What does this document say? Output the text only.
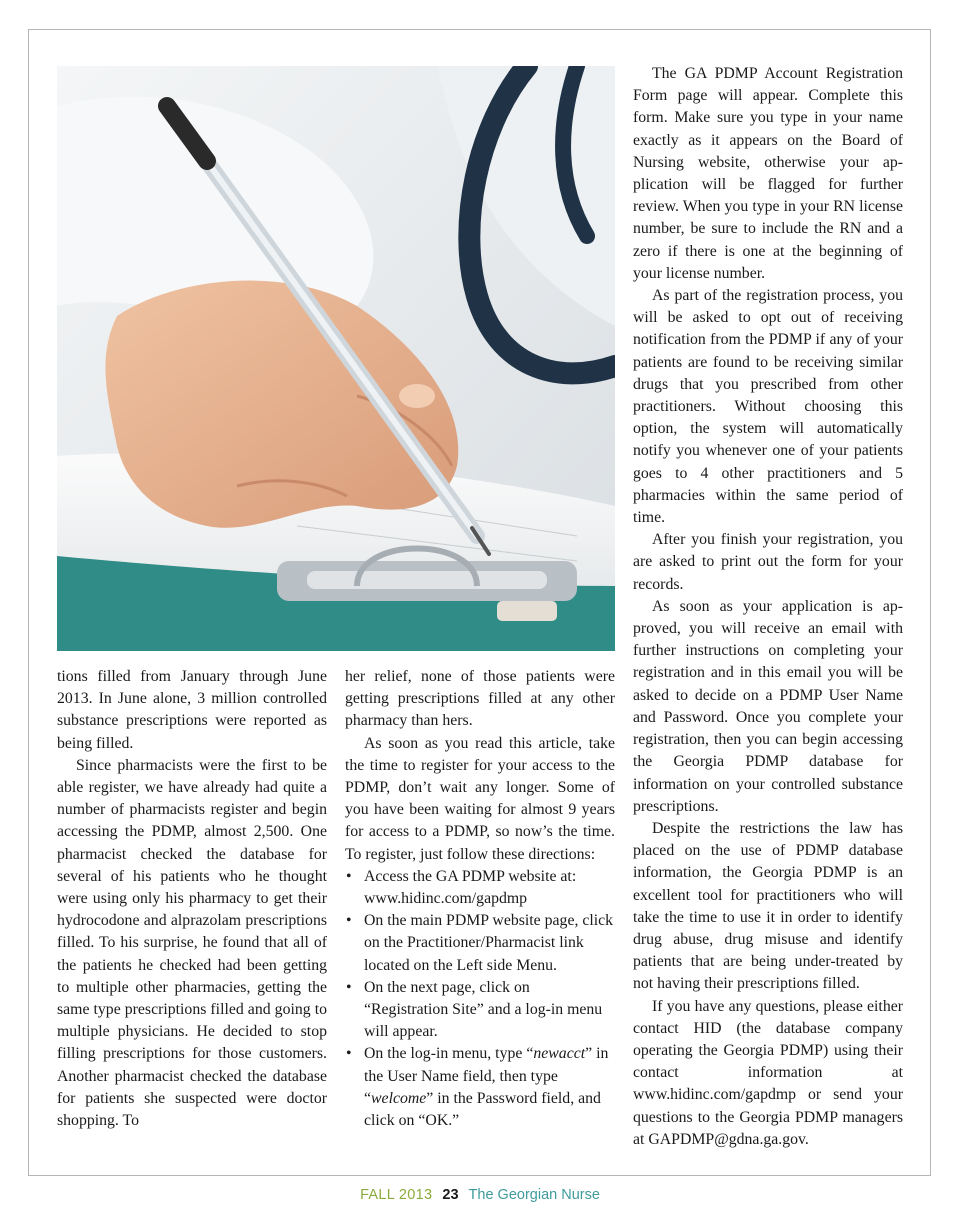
tions filled from January through June 2013. In June alone, 3 million controlled substance prescriptions were reported as being filled.

Since pharmacists were the first to be able register, we have already had quite a number of pharmacists register and begin accessing the PDMP, almost 2,500. One pharmacist checked the database for several of his patients who he thought were using only his pharmacy to get their hydrocodone and alprazolam prescriptions filled. To his surprise, he found that all of the patients he checked had been getting to multiple other pharmacies, getting the same type prescriptions filled and going to multiple physicians. He decided to stop filling prescriptions for those customers. Another pharmacist checked the database for patients she suspected were doctor shopping. To

her relief, none of those patients were getting prescriptions filled at any other pharmacy than hers.

As soon as you read this article, take the time to register for your access to the PDMP, don’t wait any longer. Some of you have been waiting for almost 9 years for access to a PDMP, so now’s the time. To register, just follow these directions:

• Access the GA PDMP website at: www.hidinc.com/gapdmp
• On the main PDMP website page, click on the Practitioner/Pharmacist link located on the Left side Menu.
• On the next page, click on “Registration Site” and a log-in menu will appear.
• On the log-in menu, type “newacct” in the User Name field, then type “welcome” in the Password field, and click on “OK.”

The GA PDMP Account Registration Form page will appear. Complete this form. Make sure you type in your name exactly as it appears on the Board of Nursing website, otherwise your application will be flagged for further review. When you type in your RN license number, be sure to include the RN and a zero if there is one at the beginning of your license number.

As part of the registration process, you will be asked to opt out of receiving notification from the PDMP if any of your patients are found to be receiving similar drugs that you prescribed from other practitioners. Without choosing this option, the system will automatically notify you whenever one of your patients goes to 4 other practitioners and 5 pharmacies within the same period of time.

After you finish your registration, you are asked to print out the form for your records.

As soon as your application is approved, you will receive an email with further instructions on completing your registration and in this email you will be asked to decide on a PDMP User Name and Password. Once you complete your registration, then you can begin accessing the Georgia PDMP database for information on your controlled substance prescriptions.

Despite the restrictions the law has placed on the use of PDMP database information, the Georgia PDMP is an excellent tool for practitioners who will take the time to use it in order to identify drug abuse, drug misuse and identify patients that are being under-treated by not having their prescriptions filled.

If you have any questions, please either contact HID (the database company operating the Georgia PDMP) using their contact information at www.hidinc.com/gapdmp or send your questions to the Georgia PDMP managers at GAPDMP@gdna.ga.gov.

FALL 2013 23 The Georgian Nurse
